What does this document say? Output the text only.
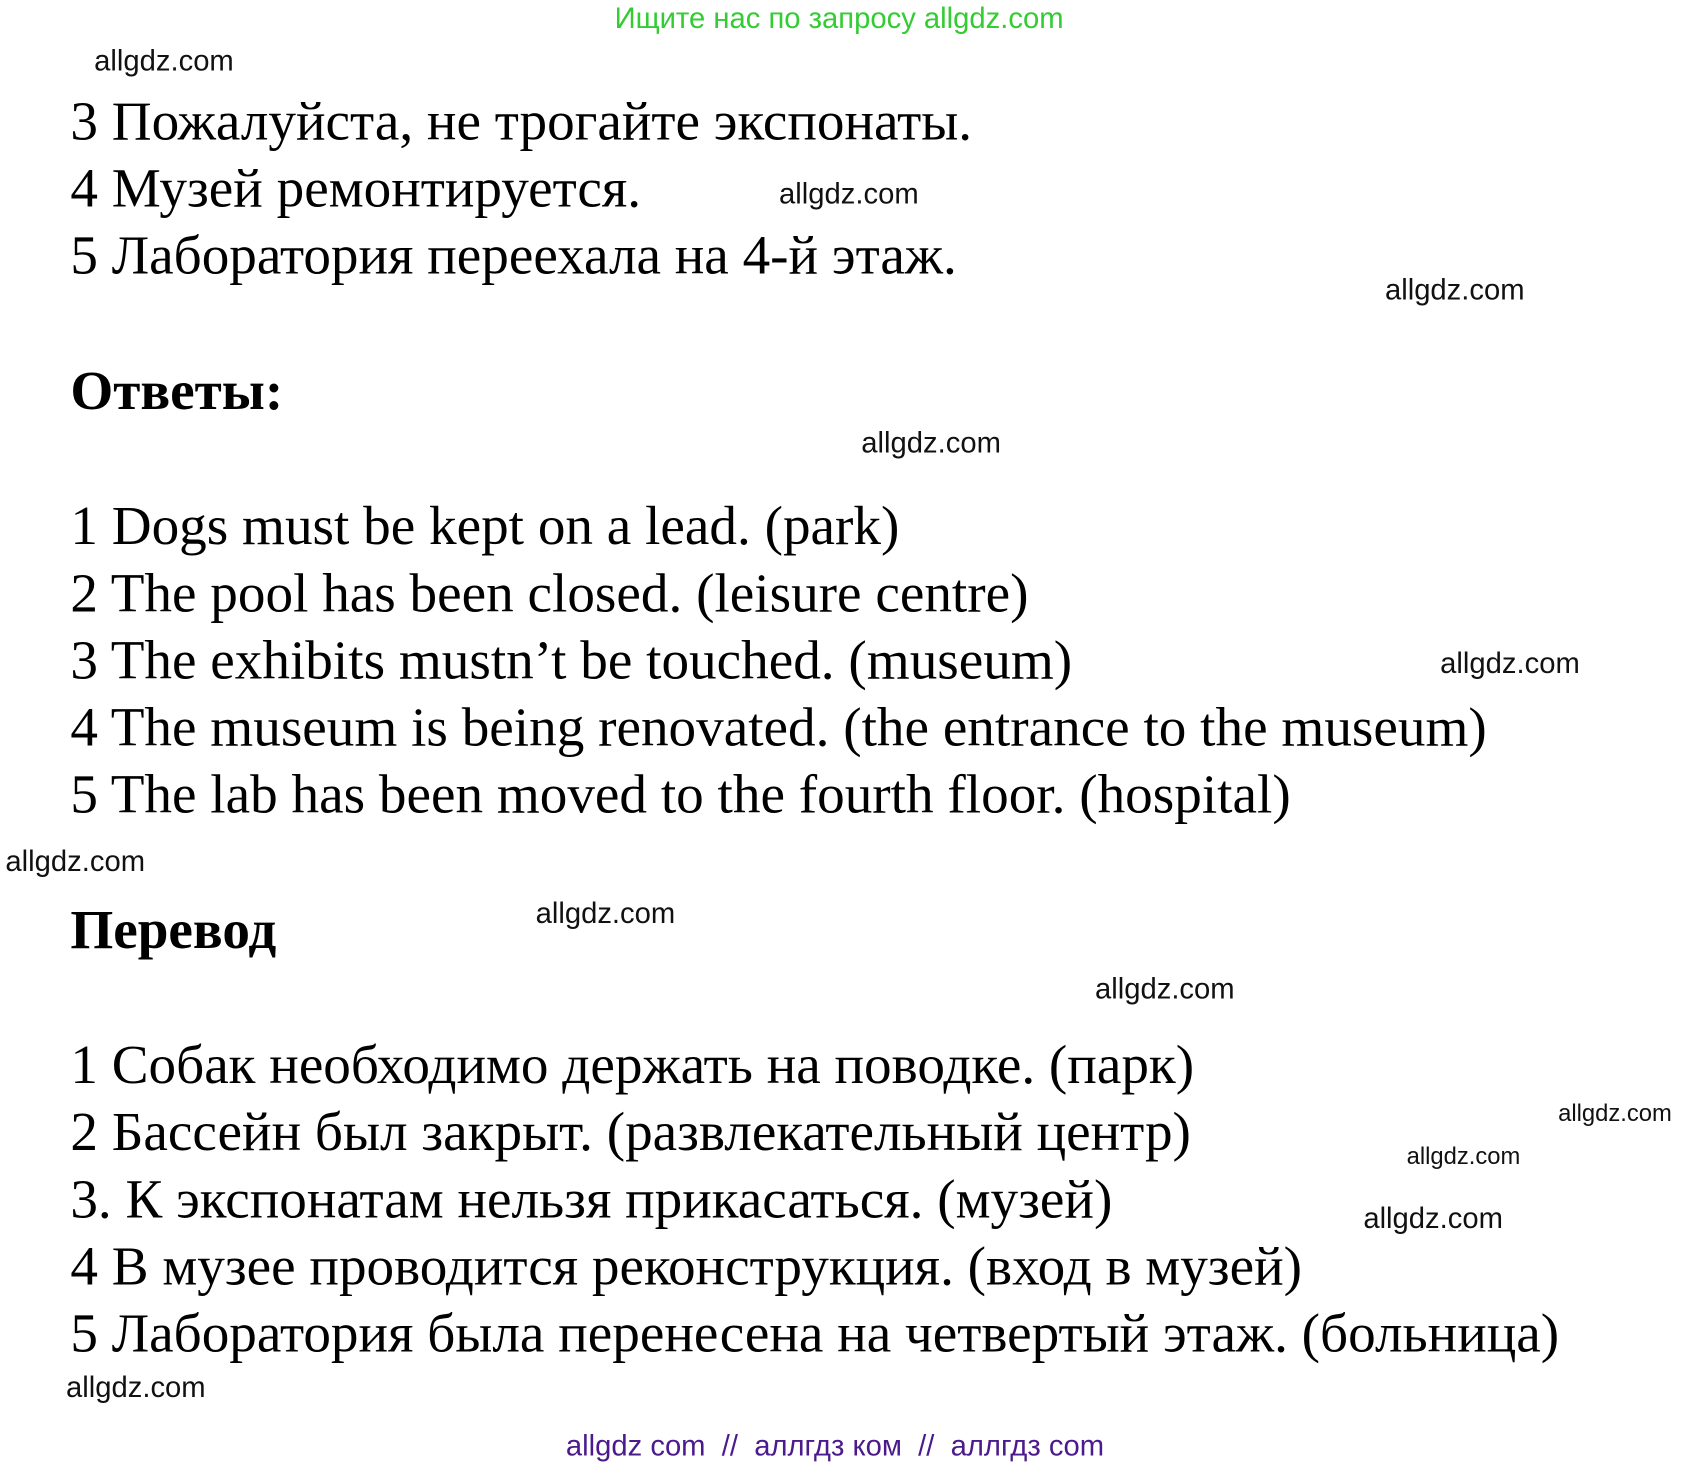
Ищите нас по запросу allgdz.com
allgdz.com
3 Пожалуйста, не трогайте экспонаты.
4 Музей ремонтируется.	allgdz.com
5 Лаборатория переехала на 4-й этаж.
allgdz.com
Ответы:
allgdz.com
1 Dogs must be kept on a lead. (park)
2 The pool has been closed. (leisure centre)
3 The exhibits mustn’t be touched. (museum)	allgdz.com
4 The museum is being renovated. (the entrance to the museum)
5 The lab has been moved to the fourth floor. (hospital)
allgdz.com
Перевод	allgdz.com
allgdz.com
1 Собак необходимо держать на поводке. (парк)
allgdz.com
2 Бассейн был закрыт. (развлекательный центр)	allgdz.com
3. К экспонатам нельзя прикасаться. (музей)	allgdz.com
4 В музее проводится реконструкция. (вход в музей)
5 Лаборатория была перенесена на четвертый этаж. (больница)
allgdz.com
allgdz com  //  аллгдз ком  //  аллгдз com
